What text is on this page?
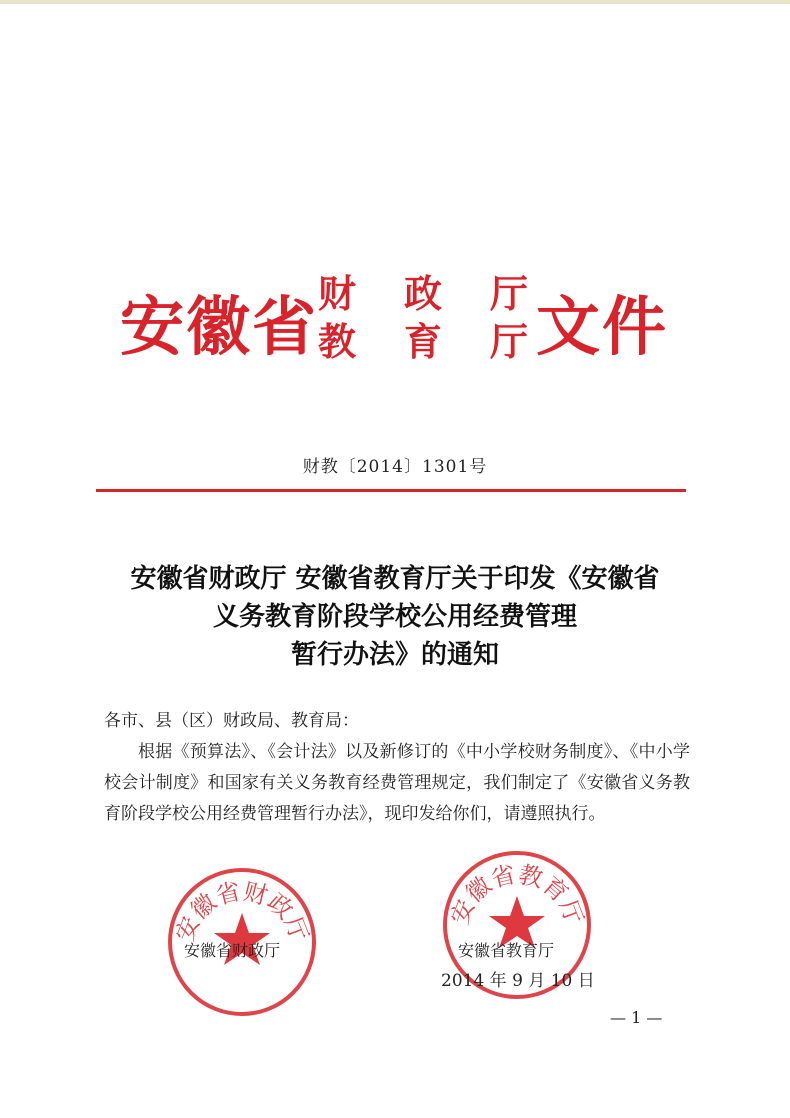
安徽省 财 政 厅
教 育 厅 文件
财教〔2014〕1301号
安徽省财政厅 安徽省教育厅关于印发《安徽省
义务教育阶段学校公用经费管理
暂行办法》的通知

各市、县（区）财政局、教育局：

根据《预算法》、《会计法》以及新修订的《中小学校财务制度》、《中小学校会计制度》和国家有关义务教育经费管理规定，我们制定了《安徽省义务教育阶段学校公用经费管理暂行办法》，现印发给你们，请遵照执行。

安徽省财政厅
安徽省财政厅
安徽省教育厅
安徽省教育厅
2014 年 9 月 10 日
— 1 —
